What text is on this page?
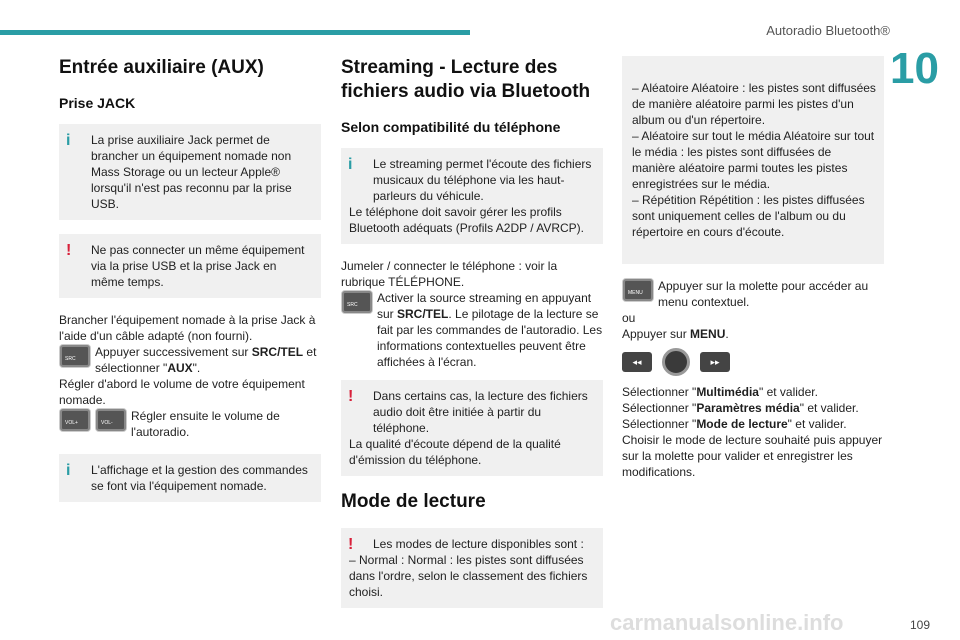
Autoradio Bluetooth®
10
Entrée auxiliaire (AUX)
Prise JACK
i	La prise auxiliaire Jack permet de brancher un équipement nomade non Mass Storage ou un lecteur Apple® lorsqu'il n'est pas reconnu par la prise USB.

!	Ne pas connecter un même équipement via la prise USB et la prise Jack en même temps.

Brancher l'équipement nomade à la prise Jack à l'aide d'un câble adapté (non fourni).

SRC Appuyer successivement sur SRC/TEL et sélectionner "AUX".

Régler d'abord le volume de votre équipement nomade.

VOL+	VOL- Régler ensuite le volume de l'autoradio.

i	L'affichage et la gestion des commandes se font via l'équipement nomade.

Streaming - Lecture des fichiers audio via Bluetooth
Selon compatibilité du téléphone
i	Le streaming permet l'écoute des fichiers musicaux du téléphone via les haut-parleurs du véhicule.

Le téléphone doit savoir gérer les profils Bluetooth adéquats (Profils A2DP / AVRCP).

Jumeler / connecter le téléphone : voir la rubrique TÉLÉPHONE.

SRC Activer la source streaming en appuyant sur SRC/TEL. Le pilotage de la lecture se fait par les commandes de l'autoradio. Les informations contextuelles peuvent être affichées à l'écran.

!	Dans certains cas, la lecture des fichiers audio doit être initiée à partir du téléphone.

La qualité d'écoute dépend de la qualité d'émission du téléphone.

Mode de lecture
!	Les modes de lecture disponibles sont :

– Normal : Normal : les pistes sont diffusées dans l'ordre, selon le classement des fichiers choisi.

– Aléatoire Aléatoire : les pistes sont diffusées de manière aléatoire parmi les pistes d'un album ou d'un répertoire.
– Aléatoire sur tout le média Aléatoire sur tout le média : les pistes sont diffusées de manière aléatoire parmi toutes les pistes enregistrées sur le média.
– Répétition Répétition : les pistes diffusées sont uniquement celles de l'album ou du répertoire en cours d'écoute.

MENU Appuyer sur la molette pour accéder au menu contextuel.

ou

Appuyer sur MENU.

◂◂	▸▸

Sélectionner "Multimédia" et valider.

Sélectionner "Paramètres média" et valider.

Sélectionner "Mode de lecture" et valider.

Choisir le mode de lecture souhaité puis appuyer sur la molette pour valider et enregistrer les modifications.

carmanualsonline.info	109
